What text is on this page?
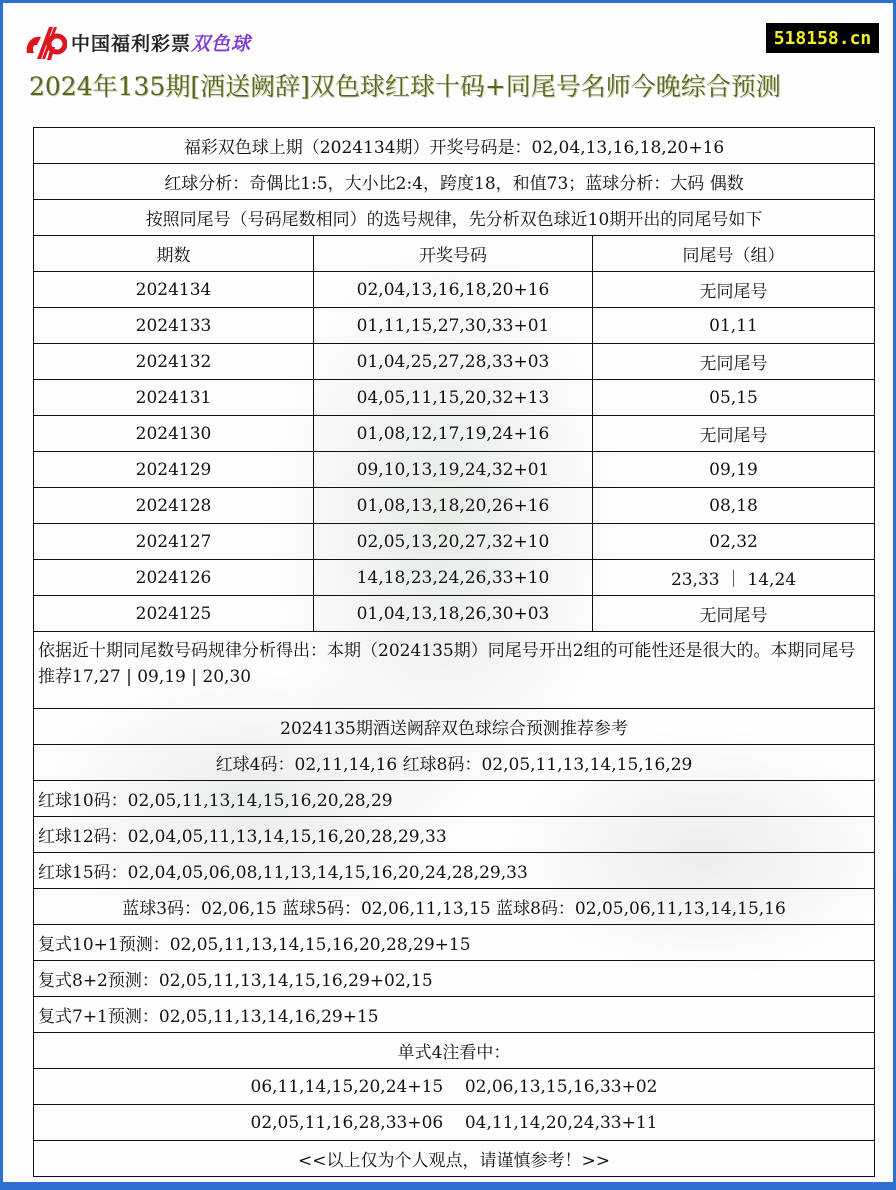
中国福利彩票 双色球	518158.cn
2024年135期[酒送阙辞]双色球红球十码+同尾号名师今晚综合预测
福彩双色球上期（2024134期）开奖号码是：02,04,13,16,18,20+16		
红球分析：奇偶比1:5，大小比2:4，跨度18，和值73；蓝球分析：大码 偶数		
按照同尾号（号码尾数相同）的选号规律，先分析双色球近10期开出的同尾号如下		
期数	开奖号码	同尾号（组）
2024134	02,04,13,16,18,20+16	无同尾号
2024133	01,11,15,27,30,33+01	01,11
2024132	01,04,25,27,28,33+03	无同尾号
2024131	04,05,11,15,20,32+13	05,15
2024130	01,08,12,17,19,24+16	无同尾号
2024129	09,10,13,19,24,32+01	09,19
2024128	01,08,13,18,20,26+16	08,18
2024127	02,05,13,20,27,32+10	02,32
2024126	14,18,23,24,26,33+10	23,33 ｜ 14,24
2024125	01,04,13,18,26,30+03	无同尾号
依据近十期同尾数号码规律分析得出：本期（2024135期）同尾号开出2组的可能性还是很大的。本期同尾号推荐17,27 | 09,19 | 20,30		
2024135期酒送阙辞双色球综合预测推荐参考		
红球4码：02,11,14,16 红球8码：02,05,11,13,14,15,16,29		
红球10码：02,05,11,13,14,15,16,20,28,29		
红球12码：02,04,05,11,13,14,15,16,20,28,29,33		
红球15码：02,04,05,06,08,11,13,14,15,16,20,24,28,29,33		
蓝球3码：02,06,15 蓝球5码：02,06,11,13,15 蓝球8码：02,05,06,11,13,14,15,16		
复式10+1预测：02,05,11,13,14,15,16,20,28,29+15		
复式8+2预测：02,05,11,13,14,15,16,29+02,15		
复式7+1预测：02,05,11,13,14,16,29+15		
单式4注看中：		
06,11,14,15,20,24+15    02,06,13,15,16,33+02		
02,05,11,16,28,33+06    04,11,14,20,24,33+11		
<<以上仅为个人观点，请谨慎参考！>>		
